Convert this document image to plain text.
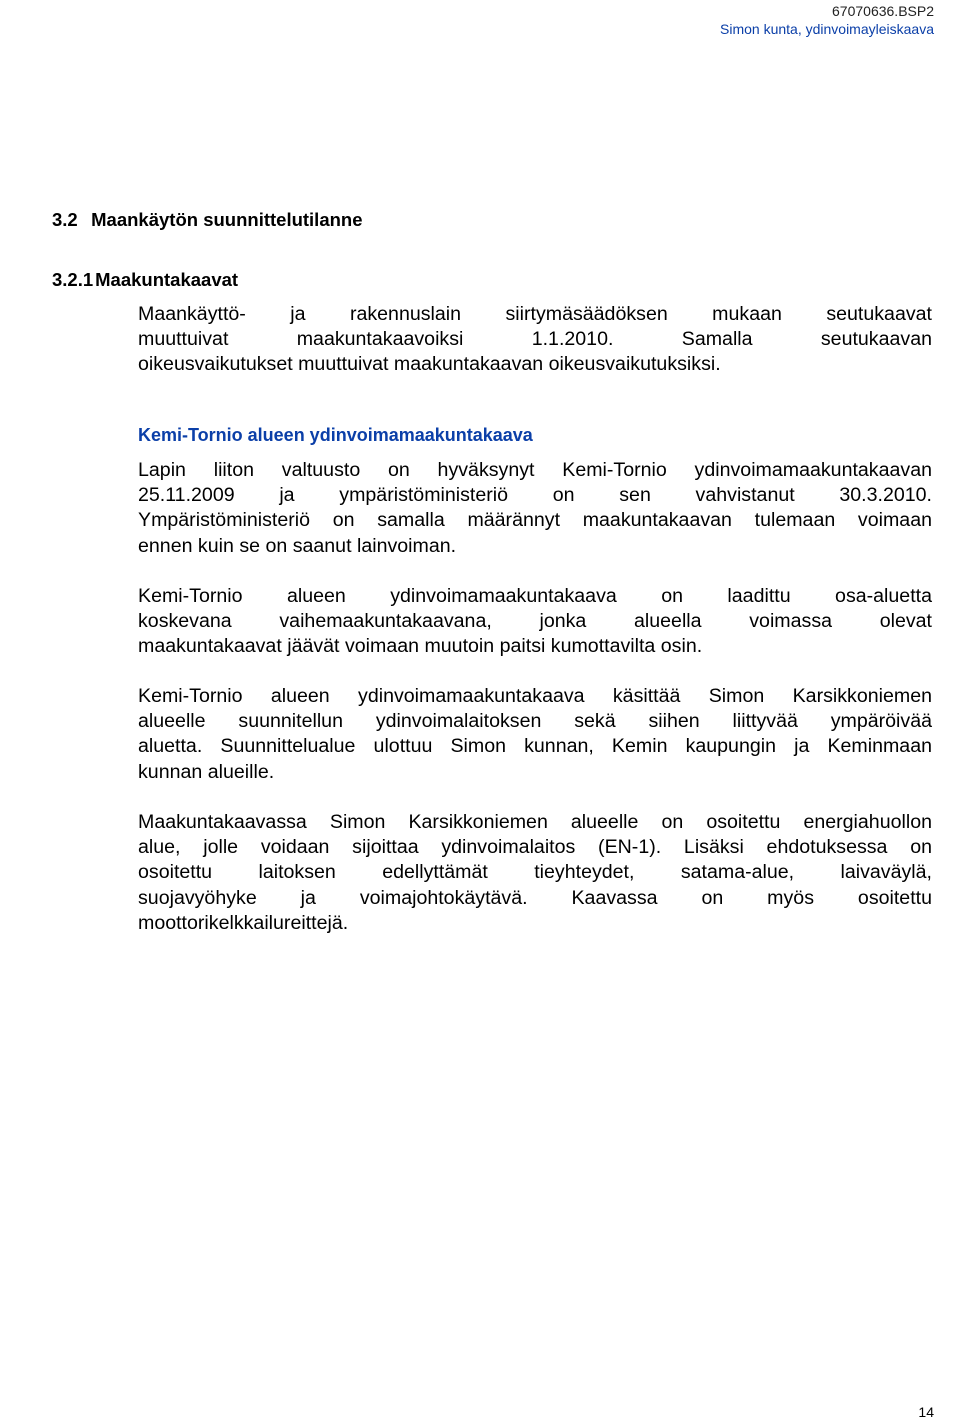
67070636.BSP2
Simon kunta, ydinvoimayleiskaava
3.2 Maankäytön suunnittelutilanne
3.2.1 Maakuntakaavat
Maankäyttö- ja rakennuslain siirtymäsäädöksen mukaan seutukaavat
muuttuivat maakuntakaavoiksi 1.1.2010. Samalla seutukaavan
oikeusvaikutukset muuttuivat maakuntakaavan oikeusvaikutuksiksi.
Kemi-Tornio alueen ydinvoimamaakuntakaava
Lapin liiton valtuusto on hyväksynyt Kemi-Tornio ydinvoimamaakuntakaavan
25.11.2009 ja ympäristöministeriö on sen vahvistanut 30.3.2010.
Ympäristöministeriö on samalla määrännyt maakuntakaavan tulemaan voimaan
ennen kuin se on saanut lainvoiman.
Kemi-Tornio alueen ydinvoimamaakuntakaava on laadittu osa-aluetta
koskevana vaihemaakuntakaavana, jonka alueella voimassa olevat
maakuntakaavat jäävät voimaan muutoin paitsi kumottavilta osin.
Kemi-Tornio alueen ydinvoimamaakuntakaava käsittää Simon Karsikkoniemen
alueelle suunnitellun ydinvoimalaitoksen sekä siihen liittyvää ympäröivää
aluetta. Suunnittelualue ulottuu Simon kunnan, Kemin kaupungin ja Keminmaan
kunnan alueille.
Maakuntakaavassa Simon Karsikkoniemen alueelle on osoitettu energiahuollon
alue, jolle voidaan sijoittaa ydinvoimalaitos (EN-1). Lisäksi ehdotuksessa on
osoitettu laitoksen edellyttämät tieyhteydet, satama-alue, laivaväylä,
suojavyöhyke ja voimajohtokäytävä. Kaavassa on myös osoitettu
moottorikelkkailureittejä.
14
